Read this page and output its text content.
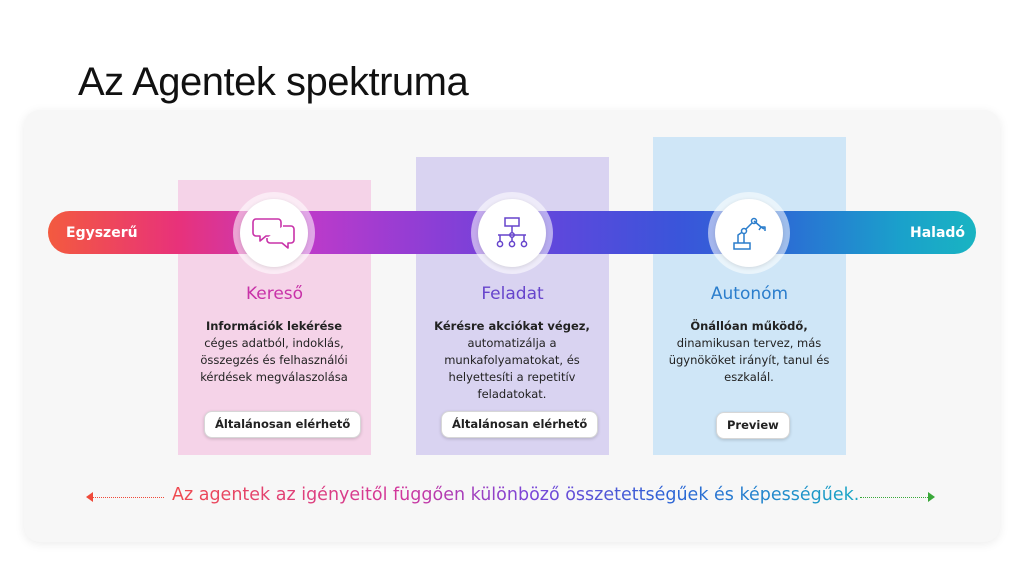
Az Agentek spektruma
Egyszerű	Haladó
Kereső	Feladat	Autonóm
Információk lekérése
céges adatból, indoklás, összegzés és felhasználói kérdések megválaszolása
Kérésre akciókat végez,
automatizálja a munkafolyamatokat, és helyettesíti a repetitív feladatokat.
Önállóan működő,
dinamikusan tervez, más ügynököket irányít, tanul és eszkalál.
Általánosan elérhető	Általánosan elérhető	Preview
Az agentek az igényeitől függően különböző összetettségűek és képességűek.
